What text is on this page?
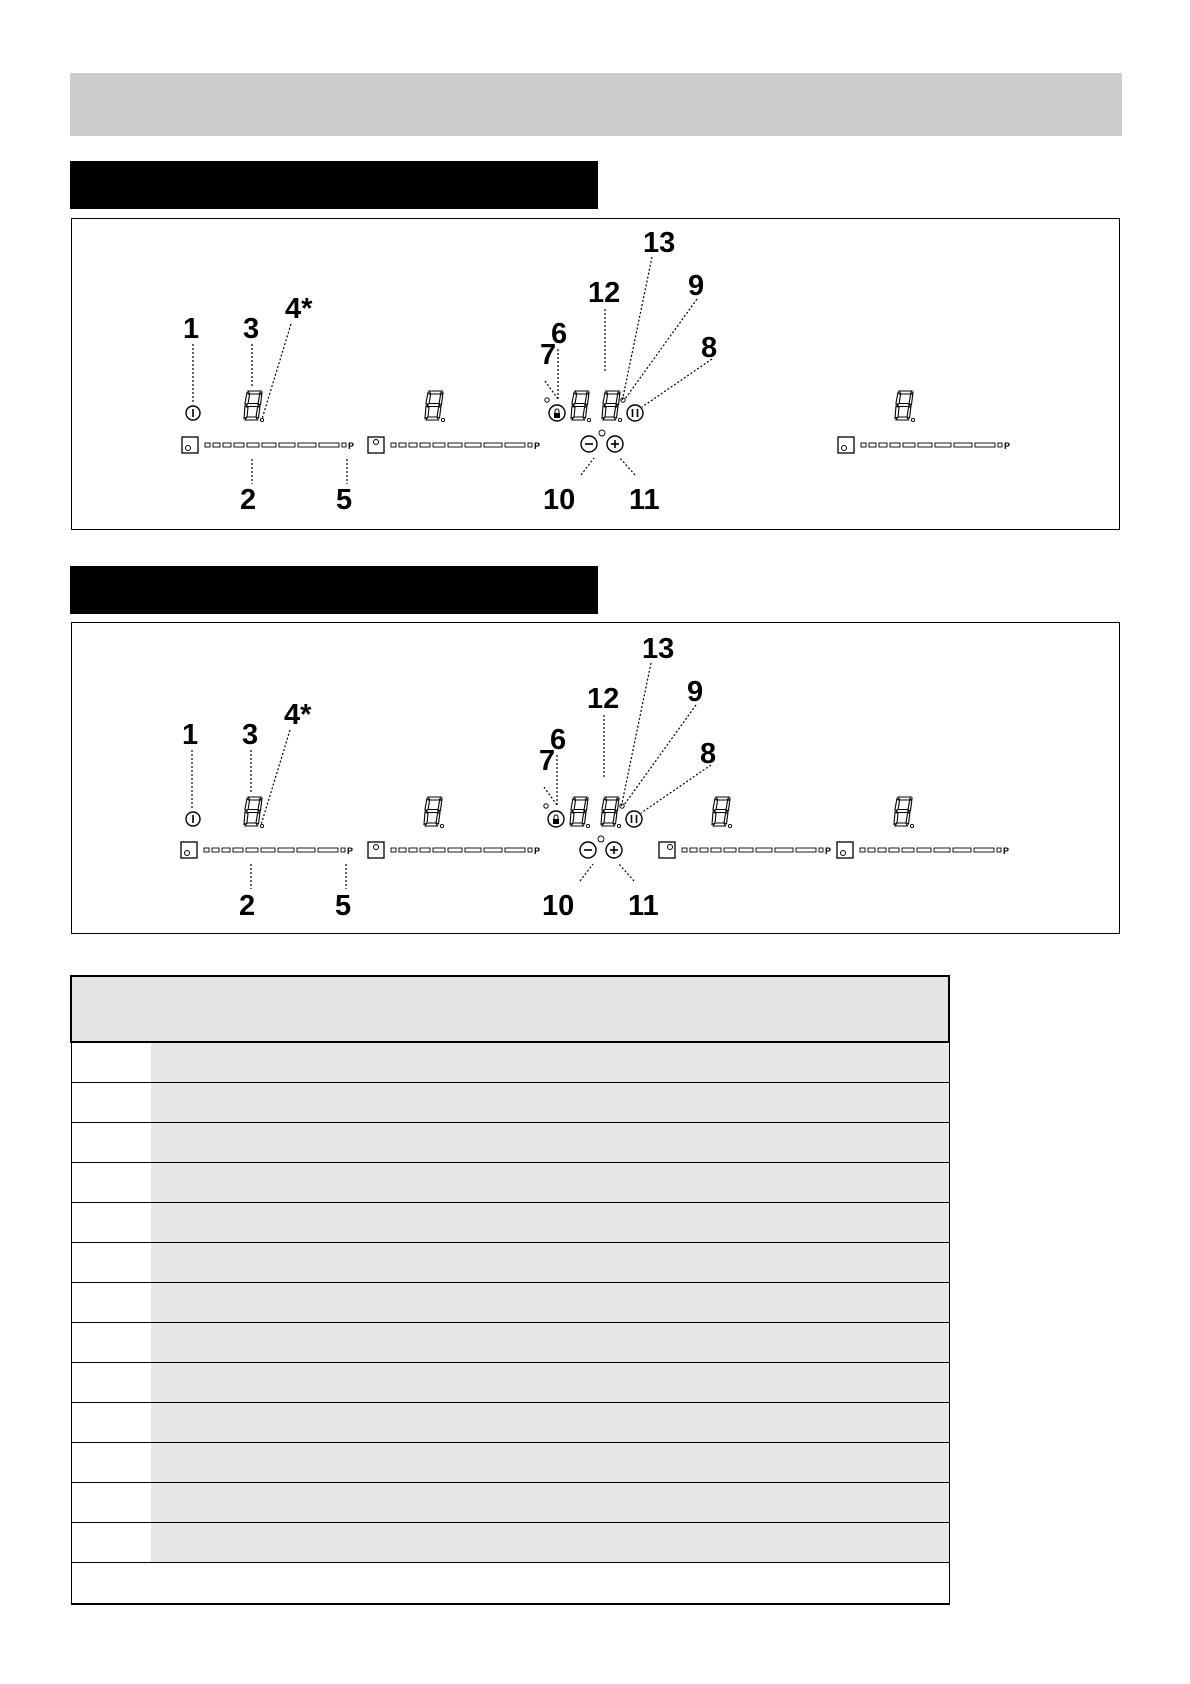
P	P	P
1 3
4*
2	5
7
6
12
13
9
8
10 11
P	P	P	P
1 3
4*
2	5
7
6
12
13
9
8
10 11
